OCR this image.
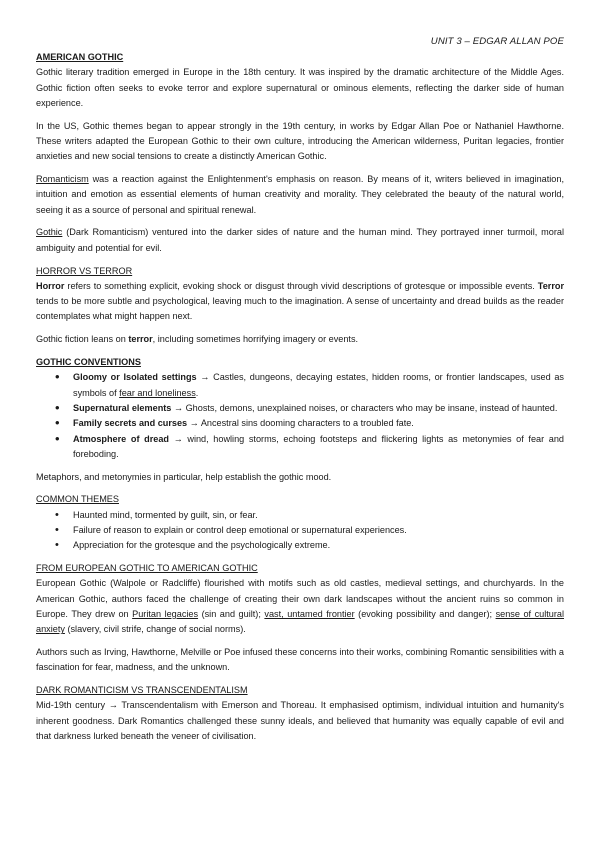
UNIT 3 – EDGAR ALLAN POE
AMERICAN GOTHIC

Gothic literary tradition emerged in Europe in the 18th century. It was inspired by the dramatic architecture of the Middle Ages. Gothic fiction often seeks to evoke terror and explore supernatural or ominous elements, reflecting the darker side of human experience.

In the US, Gothic themes began to appear strongly in the 19th century, in works by Edgar Allan Poe or Nathaniel Hawthorne. These writers adapted the European Gothic to their own culture, introducing the American wilderness, Puritan legacies, frontier anxieties and new social tensions to create a distinctly American Gothic.

Romanticism was a reaction against the Enlightenment's emphasis on reason. By means of it, writers believed in imagination, intuition and emotion as essential elements of human creativity and morality. They celebrated the beauty of the natural world, seeing it as a source of personal and spiritual renewal.

Gothic (Dark Romanticism) ventured into the darker sides of nature and the human mind. They portrayed inner turmoil, moral ambiguity and potential for evil.

HORROR VS TERROR

Horror refers to something explicit, evoking shock or disgust through vivid descriptions of grotesque or impossible events. Terror tends to be more subtle and psychological, leaving much to the imagination. A sense of uncertainty and dread builds as the reader contemplates what might happen next.

Gothic fiction leans on terror, including sometimes horrifying imagery or events.

GOTHIC CONVENTIONS
• Gloomy or Isolated settings → Castles, dungeons, decaying estates, hidden rooms, or frontier landscapes, used as symbols of fear and loneliness.
• Supernatural elements → Ghosts, demons, unexplained noises, or characters who may be insane, instead of haunted.
• Family secrets and curses → Ancestral sins dooming characters to a troubled fate.
• Atmosphere of dread → wind, howling storms, echoing footsteps and flickering lights as metonymies of fear and foreboding.

Metaphors, and metonymies in particular, help establish the gothic mood.

COMMON THEMES
• Haunted mind, tormented by guilt, sin, or fear.
• Failure of reason to explain or control deep emotional or supernatural experiences.
• Appreciation for the grotesque and the psychologically extreme.
FROM EUROPEAN GOTHIC TO AMERICAN GOTHIC

European Gothic (Walpole or Radcliffe) flourished with motifs such as old castles, medieval settings, and churchyards. In the American Gothic, authors faced the challenge of creating their own dark landscapes without the ancient ruins so common in Europe. They drew on Puritan legacies (sin and guilt); vast, untamed frontier (evoking possibility and danger); sense of cultural anxiety (slavery, civil strife, change of social norms).

Authors such as Irving, Hawthorne, Melville or Poe infused these concerns into their works, combining Romantic sensibilities with a fascination for fear, madness, and the unknown.

DARK ROMANTICISM VS TRANSCENDENTALISM

Mid-19th century → Transcendentalism with Emerson and Thoreau. It emphasised optimism, individual intuition and humanity's inherent goodness. Dark Romantics challenged these sunny ideals, and believed that humanity was equally capable of evil and that darkness lurked beneath the veneer of civilisation.
